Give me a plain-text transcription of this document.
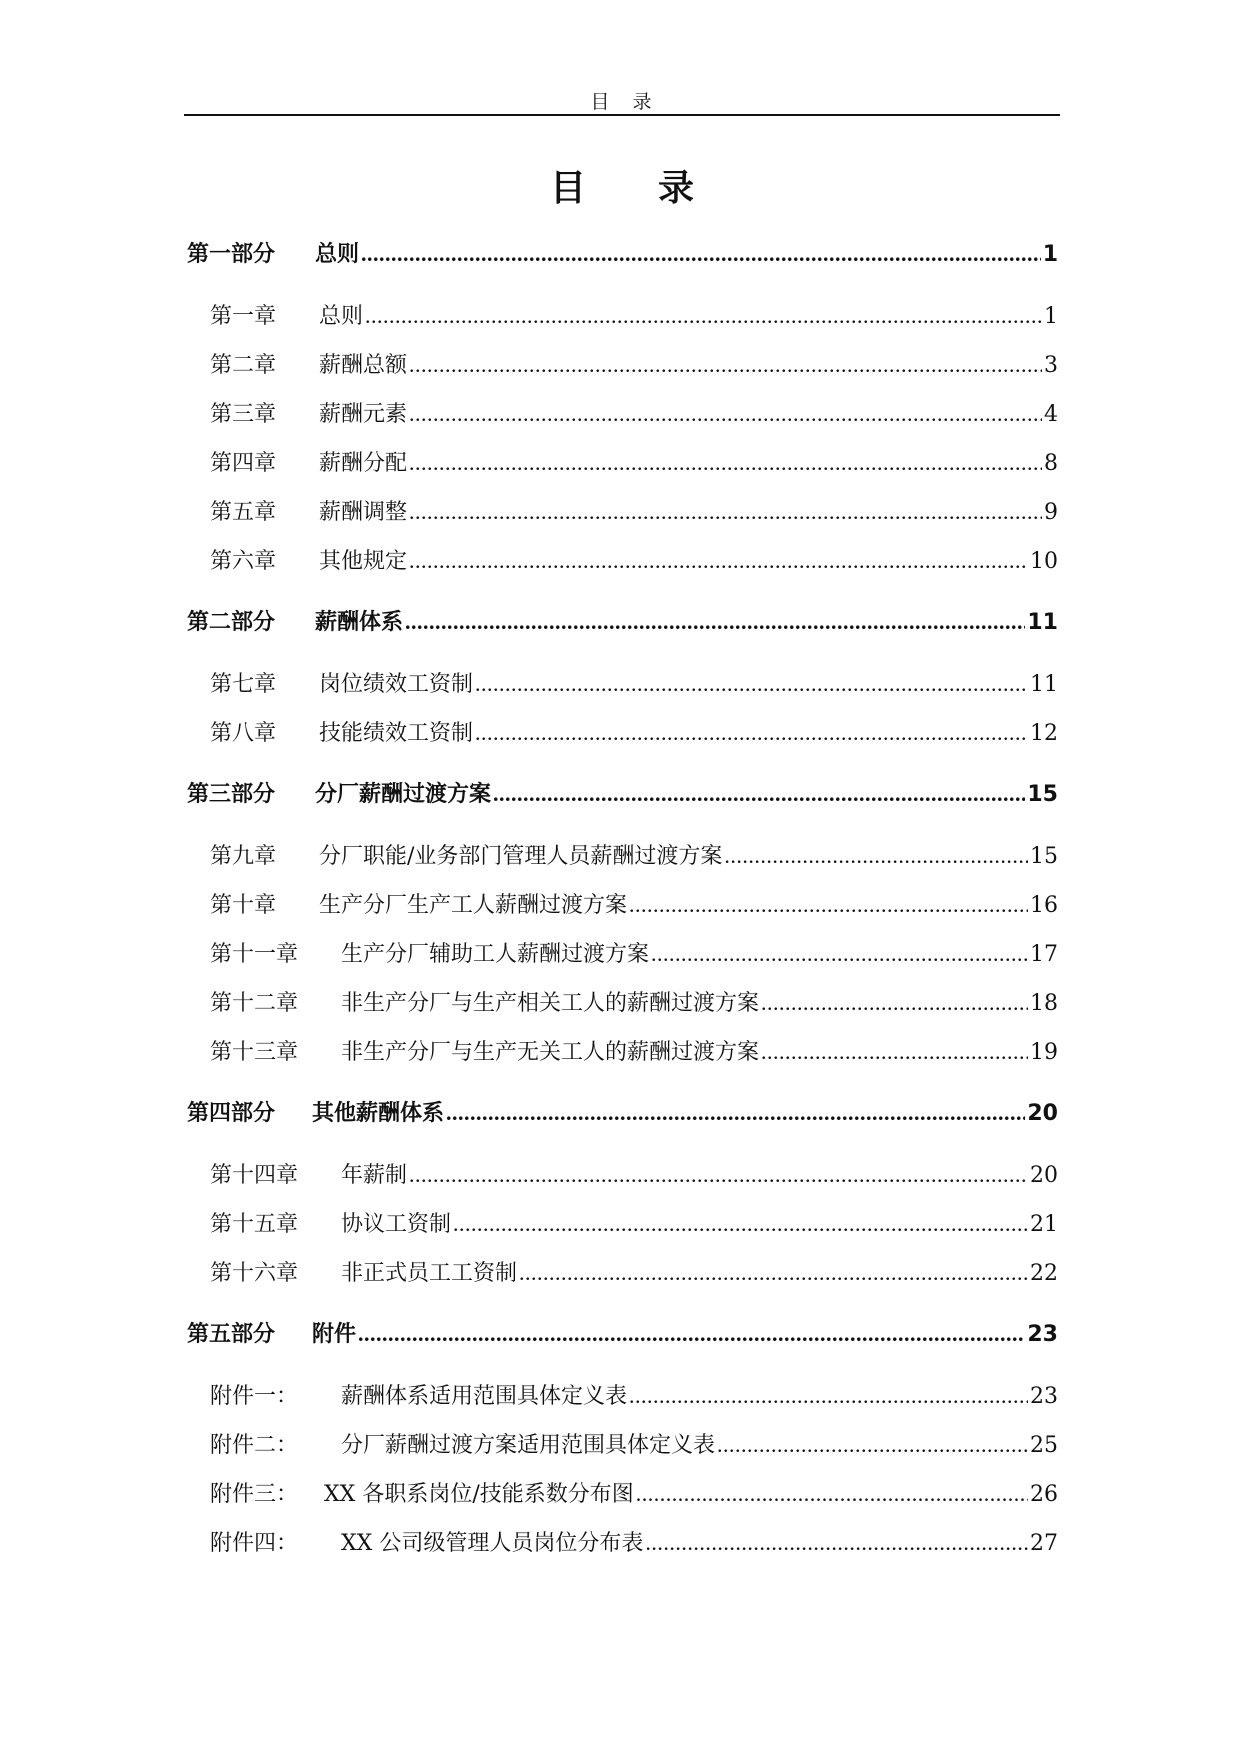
目　录
目　　录
第一部分	总则 .....	1
第一章	总则 .....	1
第二章	薪酬总额 .....	3
第三章	薪酬元素 .....	4
第四章	薪酬分配 .....	8
第五章	薪酬调整 .....	9
第六章	其他规定 .....	10
第二部分	薪酬体系 .....	11
第七章	岗位绩效工资制 .....	11
第八章	技能绩效工资制 .....	12
第三部分	分厂薪酬过渡方案 .....	15
第九章	分厂职能/业务部门管理人员薪酬过渡方案 .....	15
第十章	生产分厂生产工人薪酬过渡方案 .....	16
第十一章	生产分厂辅助工人薪酬过渡方案 .....	17
第十二章	非生产分厂与生产相关工人的薪酬过渡方案 .....	18
第十三章	非生产分厂与生产无关工人的薪酬过渡方案 .....	19
第四部分	其他薪酬体系 .....	20
第十四章	年薪制 .....	20
第十五章	协议工资制 .....	21
第十六章	非正式员工工资制 .....	22
第五部分	附件 .....	23
附件一：	薪酬体系适用范围具体定义表 .....	23
附件二：	分厂薪酬过渡方案适用范围具体定义表 .....	25
附件三：	XX 各职系岗位/技能系数分布图 .....	26
附件四：	XX 公司级管理人员岗位分布表 .....	27
